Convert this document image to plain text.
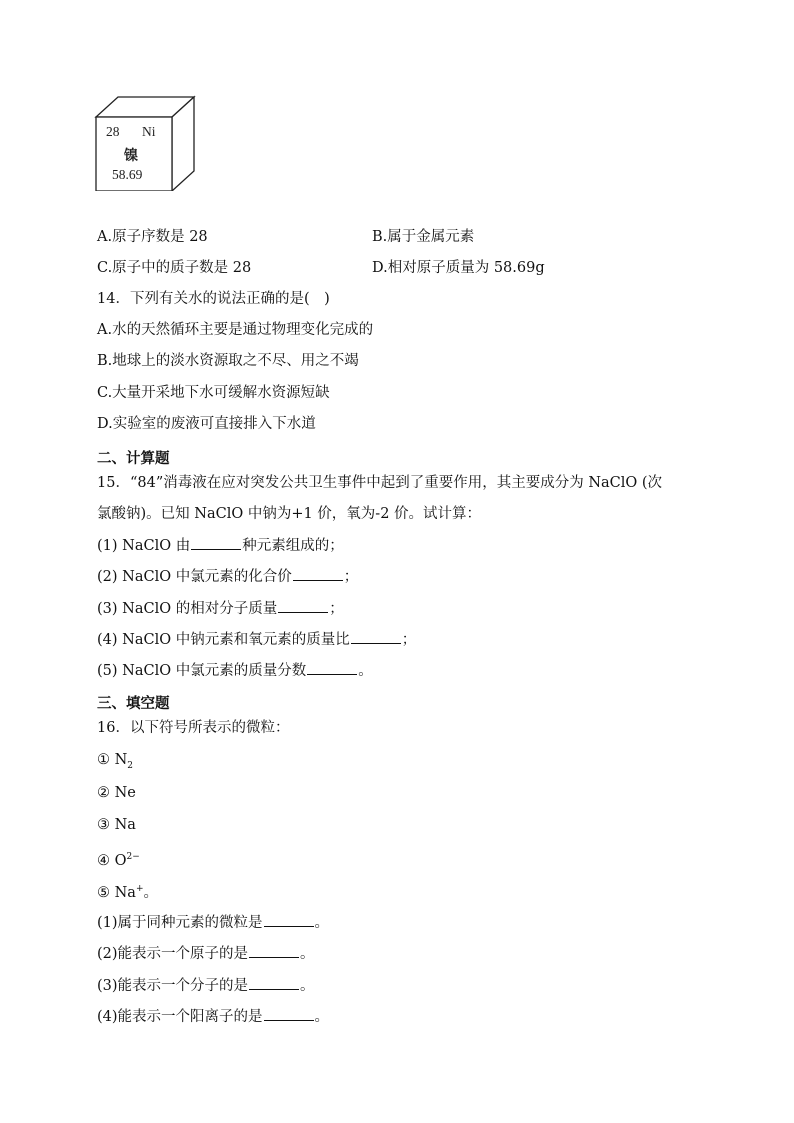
28 Ni
镍
58.69
A.原子序数是 28	B.属于金属元素
C.原子中的质子数是 28	D.相对原子质量为 58.69g
14．下列有关水的说法正确的是(　)
A.水的天然循环主要是通过物理变化完成的
B.地球上的淡水资源取之不尽、用之不竭
C.大量开采地下水可缓解水资源短缺
D.实验室的废液可直接排入下水道
二、计算题
15．“84”消毒液在应对突发公共卫生事件中起到了重要作用，其主要成分为 NaClO (次
氯酸钠)。已知 NaClO 中钠为+1 价，氧为-2 价。试计算：
(1) NaClO 由	种元素组成的；
(2) NaClO 中氯元素的化合价	；
(3) NaClO 的相对分子质量	；
(4) NaClO 中钠元素和氧元素的质量比	；
(5) NaClO 中氯元素的质量分数	。
三、填空题
16．以下符号所表示的微粒：
① $N_2$
② Ne
③ Na
④ $O^{2-}$
⑤ Na+。
(1)属于同种元素的微粒是	。
(2)能表示一个原子的是	。
(3)能表示一个分子的是	。
(4)能表示一个阳离子的是	。
